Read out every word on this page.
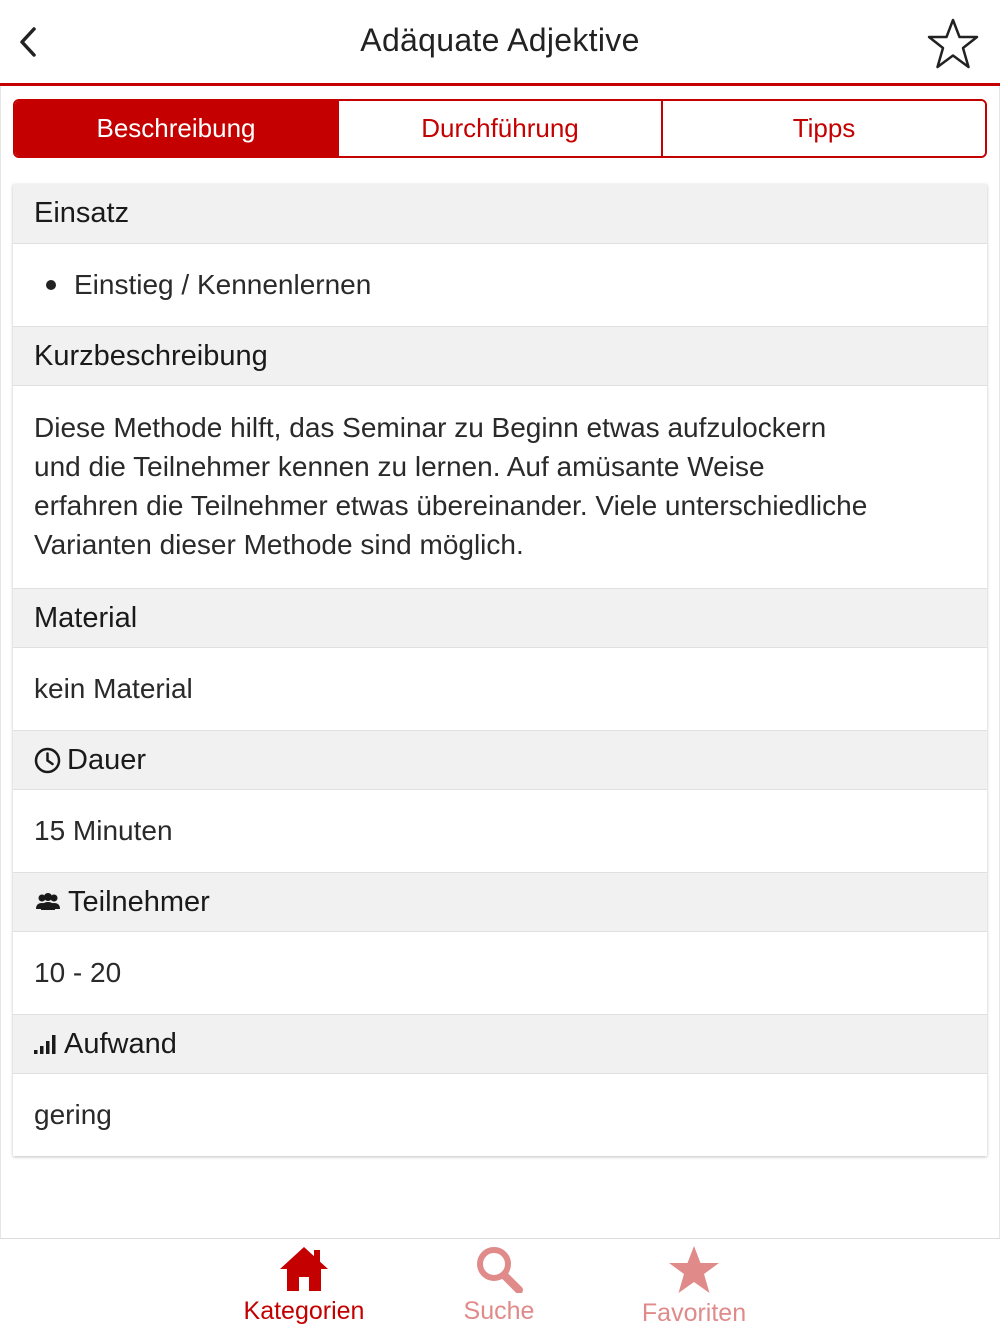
Adäquate Adjektive
Beschreibung	Durchführung	Tipps
Einsatz
Einstieg / Kennenlernen
Kurzbeschreibung
Diese Methode hilft, das Seminar zu Beginn etwas aufzulockern
und die Teilnehmer kennen zu lernen. Auf amüsante Weise
erfahren die Teilnehmer etwas übereinander. Viele unterschiedliche
Varianten dieser Methode sind möglich.
Material
kein Material
Dauer
15 Minuten
Teilnehmer
10 - 20
Aufwand
gering
Kategorien	Suche	Favoriten
